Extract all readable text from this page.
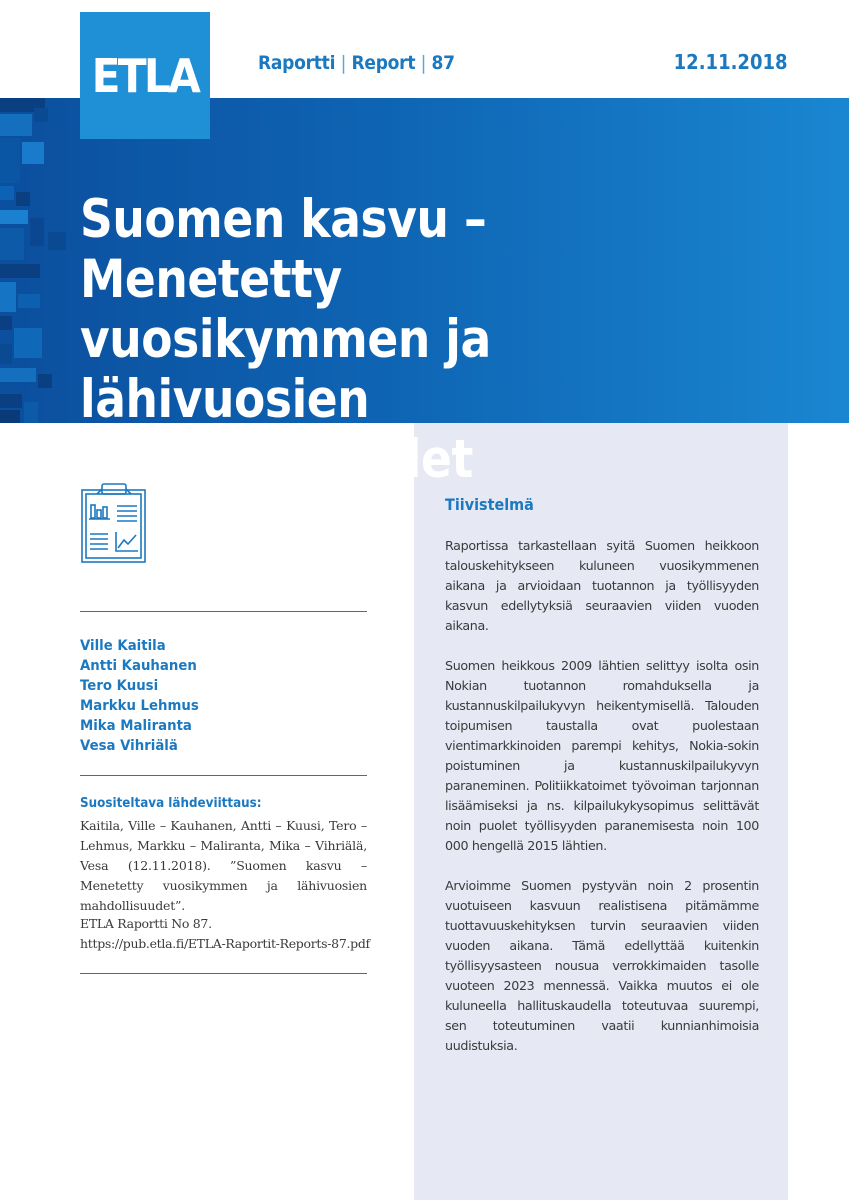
ETLA	Raportti | Report | 87	12.11.2018
Suomen kasvu – Menetetty vuosikymmen ja lähivuosien mahdollisuudet
Tiivistelmä

Raportissa tarkastellaan syitä Suomen heikkoon talouskehitykseen kuluneen vuosikymmenen aikana ja arvioidaan tuotannon ja työllisyyden kasvun edellytyksiä seuraavien viiden vuoden aikana.

Suomen heikkous 2009 lähtien selittyy isolta osin Nokian tuotannon romahduksella ja kustannuskilpailukyvyn heikentymisellä. Talouden toipumisen taustalla ovat puolestaan vientimarkkinoiden parempi kehitys, Nokia-sokin poistuminen ja kustannuskilpailukyvyn paraneminen. Politiikkatoimet työvoiman tarjonnan lisäämiseksi ja ns. kilpailukykysopimus selittävät noin puolet työllisyyden paranemisesta noin 100 000 hengellä 2015 lähtien.

Arvioimme Suomen pystyvän noin 2 prosentin vuotuiseen kasvuun realistisena pitämämme tuottavuuskehityksen turvin seuraavien viiden vuoden aikana. Tämä edellyttää kuitenkin työllisyysasteen nousua verrokkimaiden tasolle vuoteen 2023 mennessä. Vaikka muutos ei ole kuluneella hallituskaudella toteutuvaa suurempi, sen toteutuminen vaatii kunnianhimoisia uudistuksia.

Ville Kaitila
Antti Kauhanen
Tero Kuusi
Markku Lehmus
Mika Maliranta
Vesa Vihriälä

Suositeltava lähdeviittaus:

Kaitila, Ville – Kauhanen, Antti – Kuusi, Tero – Lehmus, Markku – Maliranta, Mika – Vihriälä, Vesa (12.11.2018). ”Suomen kasvu – Menetetty vuosikymmen ja lähivuosien mahdollisuudet”.

ETLA Raportti No 87.
https://pub.etla.fi/ETLA-Raportit-Reports-87.pdf
